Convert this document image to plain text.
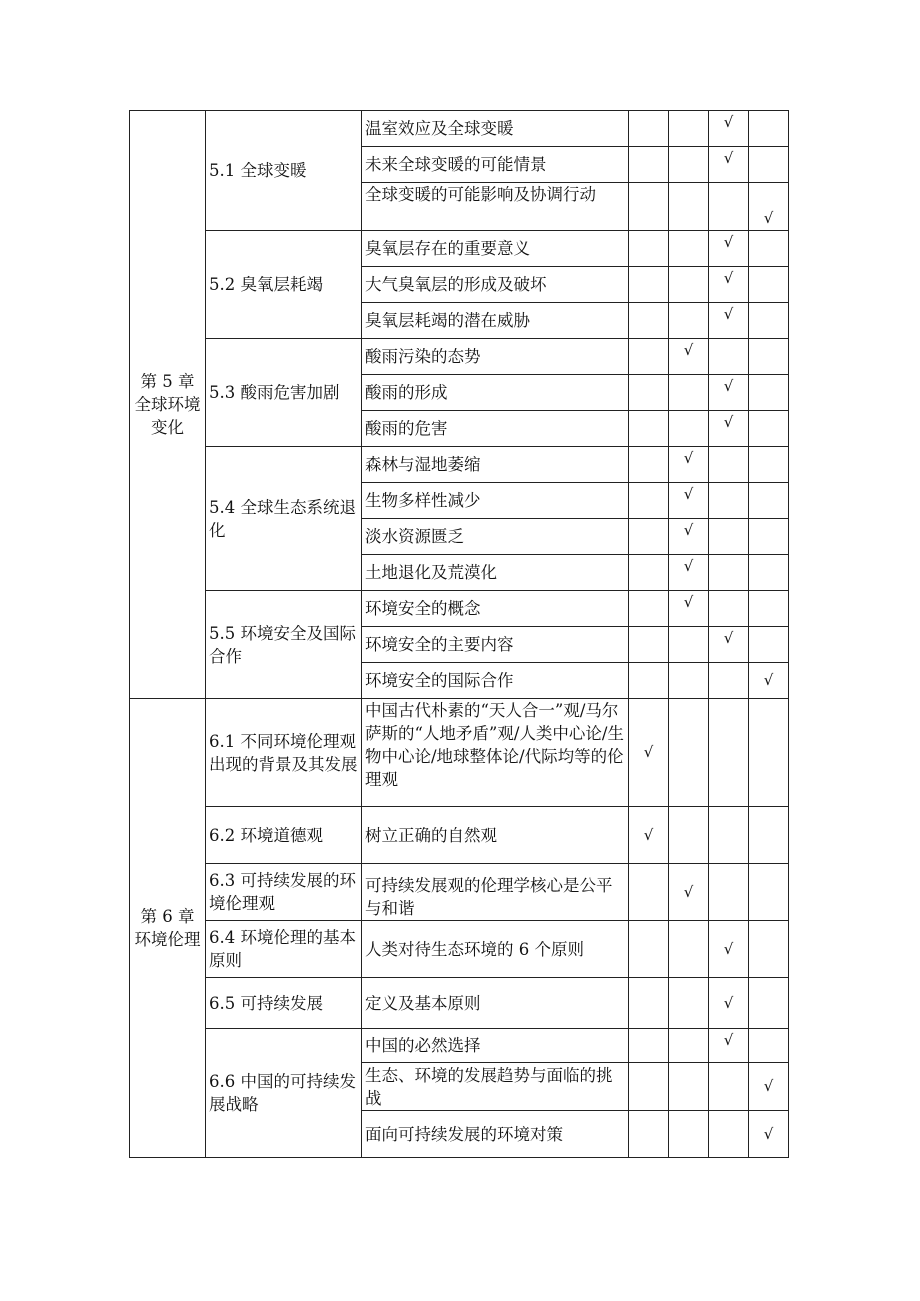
第 5 章全球环境变化	5.1 全球变暖	温室效应及全球变暖			√	
		未来全球变暖的可能情景			√	
		全球变暖的可能影响及协调行动				√
	5.2 臭氧层耗竭	臭氧层存在的重要意义			√	
		大气臭氧层的形成及破坏			√	
		臭氧层耗竭的潜在威胁			√	
	5.3 酸雨危害加剧	酸雨污染的态势		√		
		酸雨的形成			√	
		酸雨的危害			√	
	5.4 全球生态系统退化	森林与湿地萎缩		√		
		生物多样性减少		√		
		淡水资源匮乏		√		
		土地退化及荒漠化		√		
	5.5 环境安全及国际合作	环境安全的概念		√		
		环境安全的主要内容			√	
		环境安全的国际合作				√
第 6 章环境伦理	6.1 不同环境伦理观出现的背景及其发展	中国古代朴素的“天人合一”观/马尔萨斯的“人地矛盾”观/人类中心论/生物中心论/地球整体论/代际均等的伦理观	√			
	6.2 环境道德观	树立正确的自然观	√			
	6.3 可持续发展的环境伦理观	可持续发展观的伦理学核心是公平与和谐		√		
	6.4 环境伦理的基本原则	人类对待生态环境的 6 个原则			√	
	6.5 可持续发展	定义及基本原则			√	
	6.6 中国的可持续发展战略	中国的必然选择			√	
		生态、环境的发展趋势与面临的挑战				√
		面向可持续发展的环境对策				√
